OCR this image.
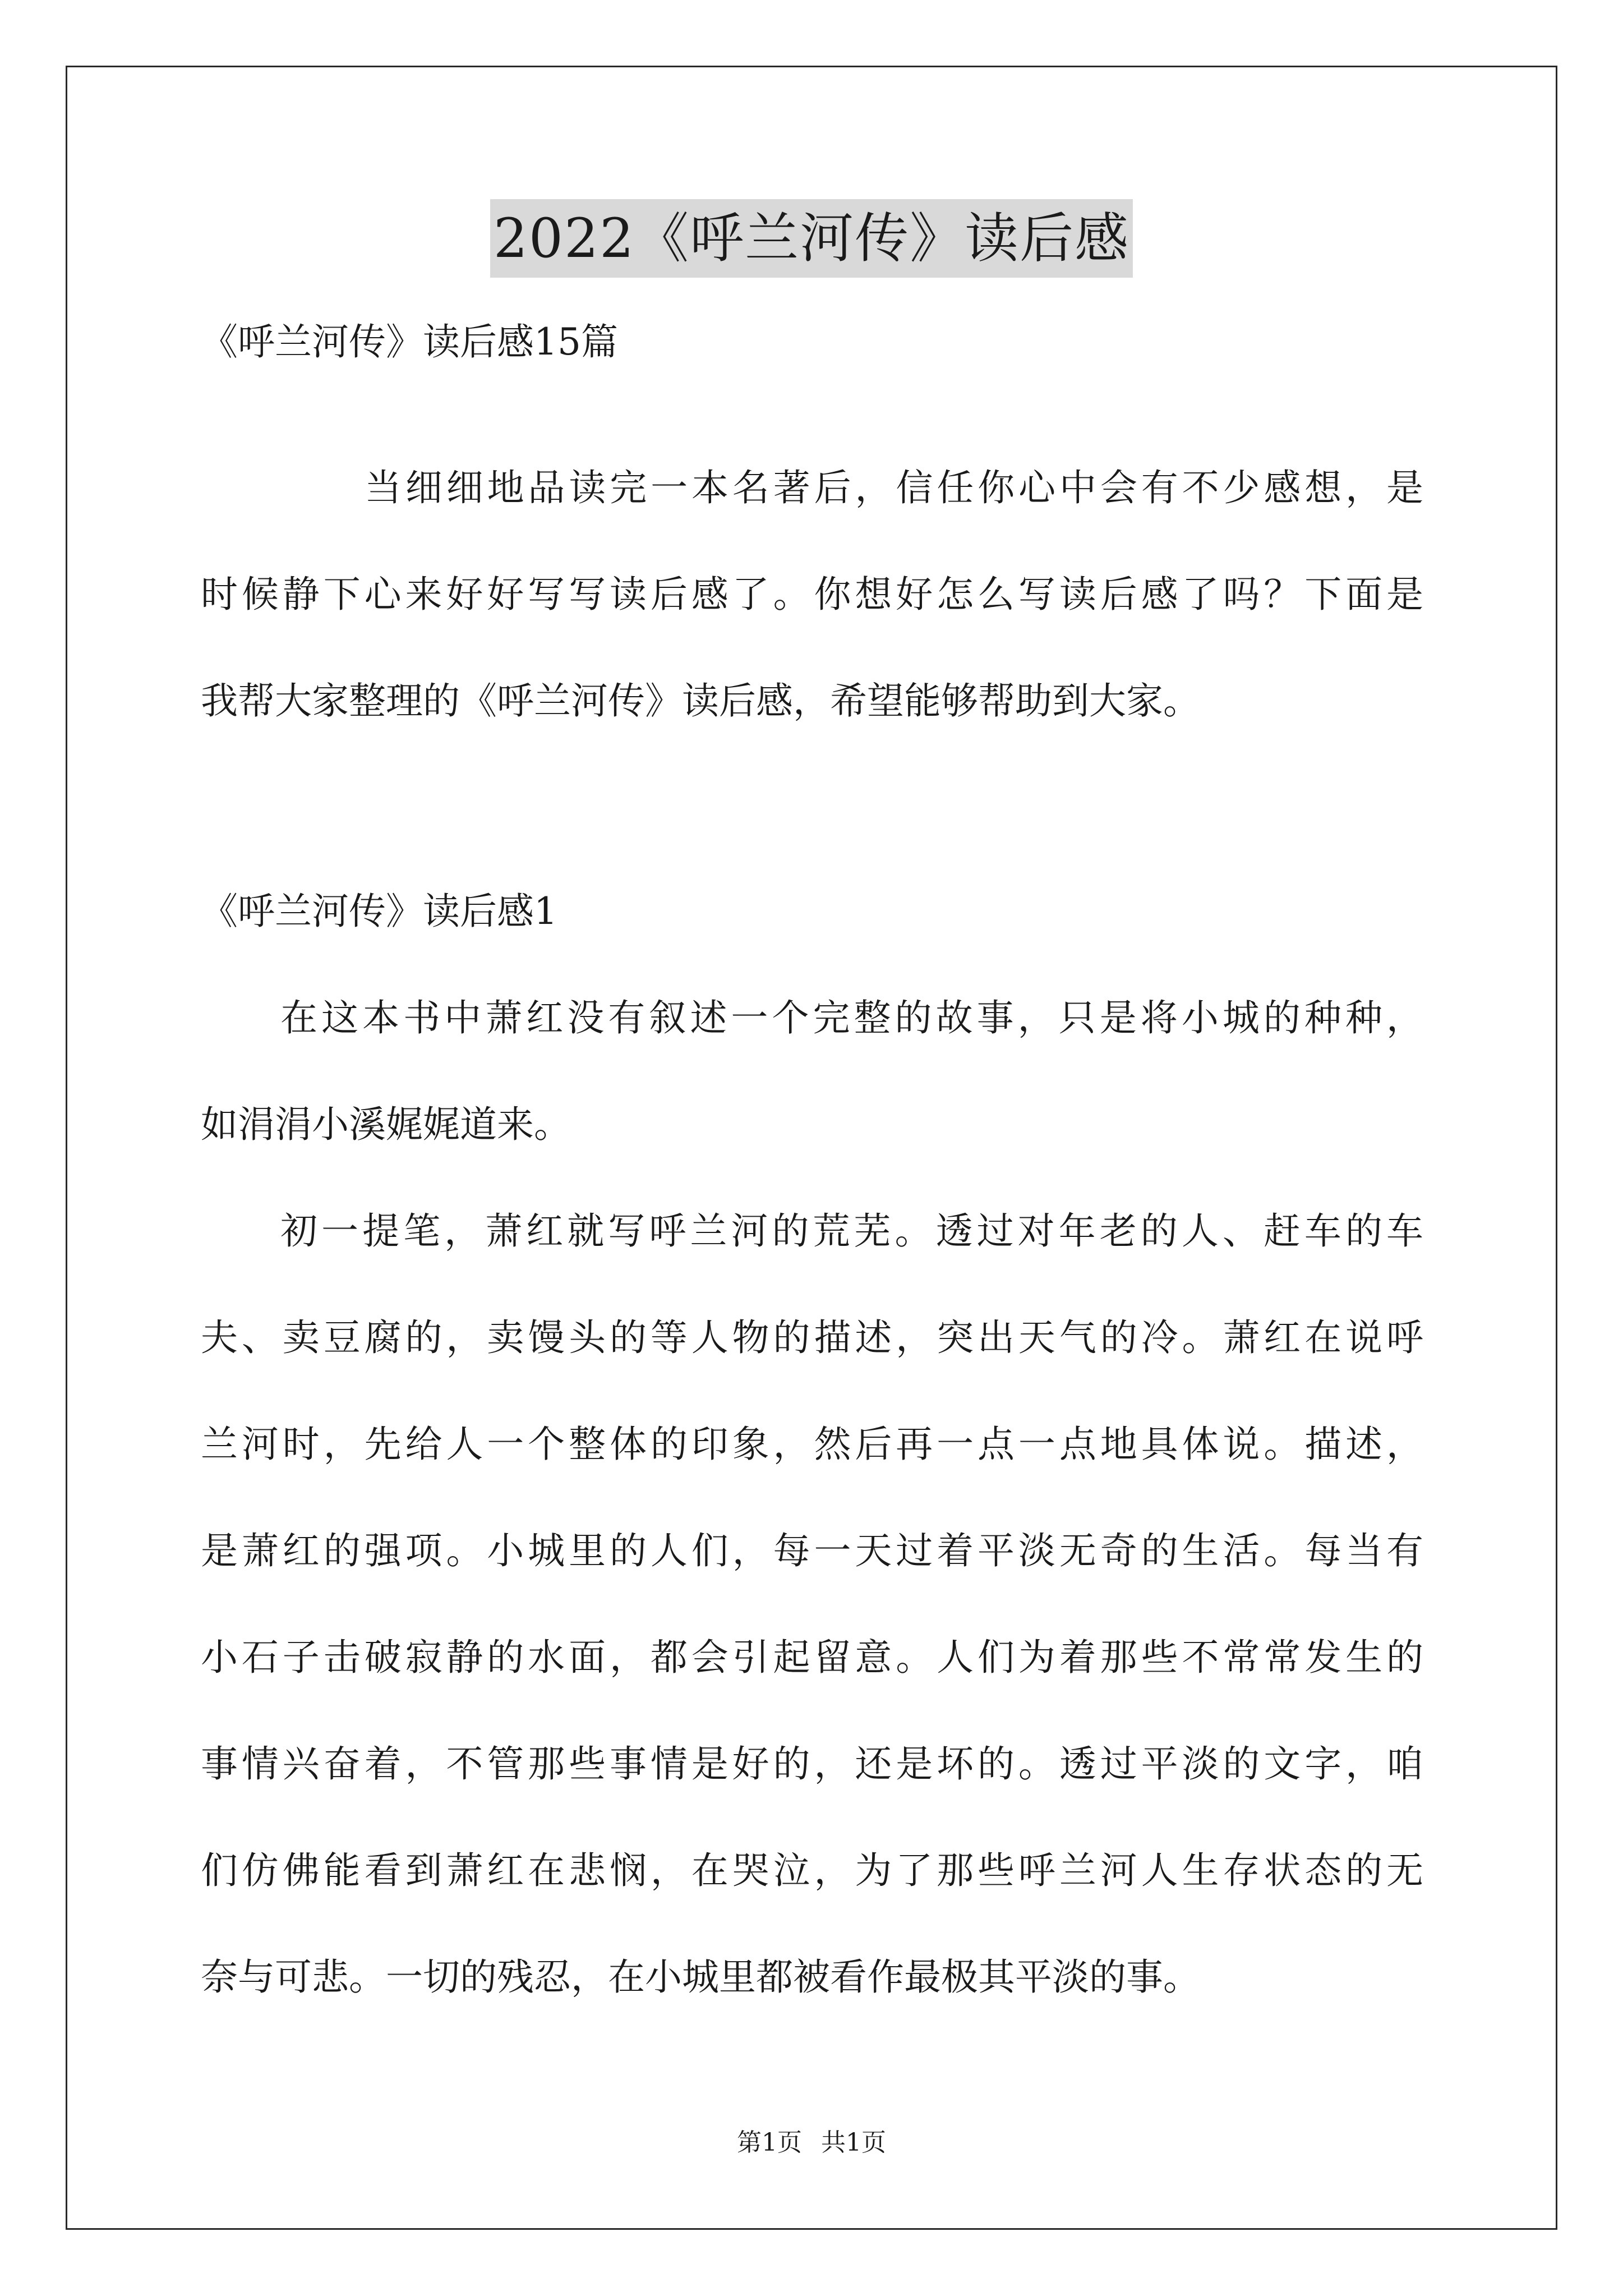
2022《呼兰河传》读后感
《呼兰河传》读后感15篇
当细细地品读完一本名著后，信任你心中会有不少感想，是
时候静下心来好好写写读后感了。你想好怎么写读后感了吗？下面是
我帮大家整理的《呼兰河传》读后感，希望能够帮助到大家。
《呼兰河传》读后感1
在这本书中萧红没有叙述一个完整的故事，只是将小城的种种，
如涓涓小溪娓娓道来。
初一提笔，萧红就写呼兰河的荒芜。透过对年老的人、赶车的车
夫、卖豆腐的，卖馒头的等人物的描述，突出天气的冷。萧红在说呼
兰河时，先给人一个整体的印象，然后再一点一点地具体说。描述，
是萧红的强项。小城里的人们，每一天过着平淡无奇的生活。每当有
小石子击破寂静的水面，都会引起留意。人们为着那些不常常发生的
事情兴奋着，不管那些事情是好的，还是坏的。透过平淡的文字，咱
们仿佛能看到萧红在悲悯，在哭泣，为了那些呼兰河人生存状态的无
奈与可悲。一切的残忍，在小城里都被看作最极其平淡的事。
第1页 共1页
